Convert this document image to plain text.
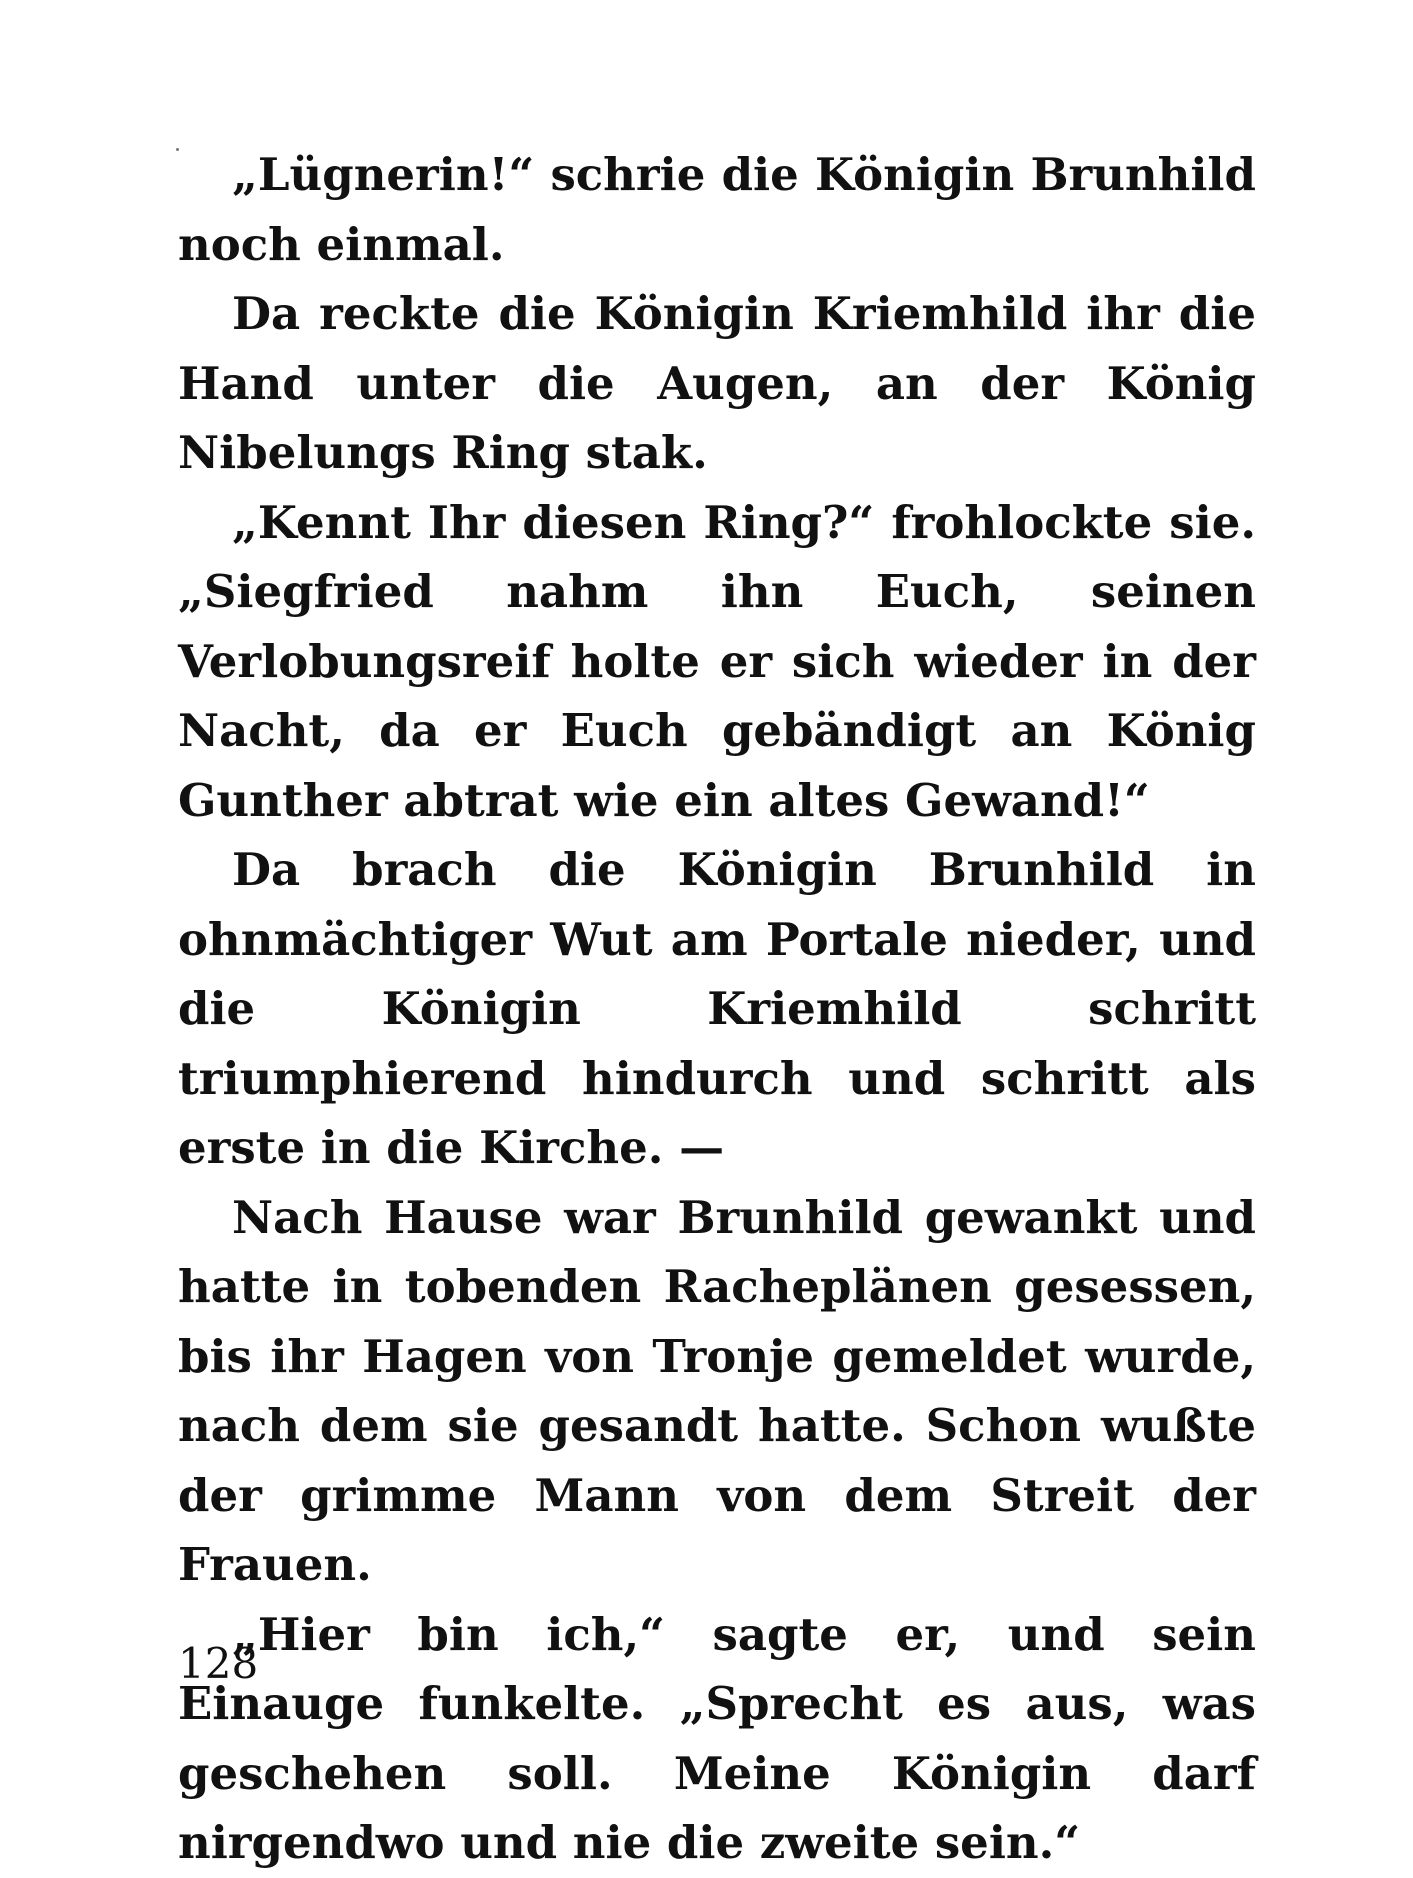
„Lügnerin!“ schrie die Königin Brunhild noch einmal.

Da reckte die Königin Kriemhild ihr die Hand unter die Augen, an der König Nibelungs Ring stak.

„Kennt Ihr diesen Ring?“ frohlockte sie. „Siegfried nahm ihn Euch, seinen Verlobungsreif holte er sich wieder in der Nacht, da er Euch gebändigt an König Gunther abtrat wie ein altes Gewand!“

Da brach die Königin Brunhild in ohnmächtiger Wut am Portale nieder, und die Königin Kriemhild schritt triumphierend hindurch und schritt als erste in die Kirche. —

Nach Hause war Brunhild gewankt und hatte in tobenden Racheplänen gesessen, bis ihr Hagen von Tronje gemeldet wurde, nach dem sie gesandt hatte. Schon wußte der grimme Mann von dem Streit der Frauen.

„Hier bin ich,“ sagte er, und sein Einauge funkelte. „Sprecht es aus, was geschehen soll. Meine Königin darf nirgendwo und nie die zweite sein.“

128
